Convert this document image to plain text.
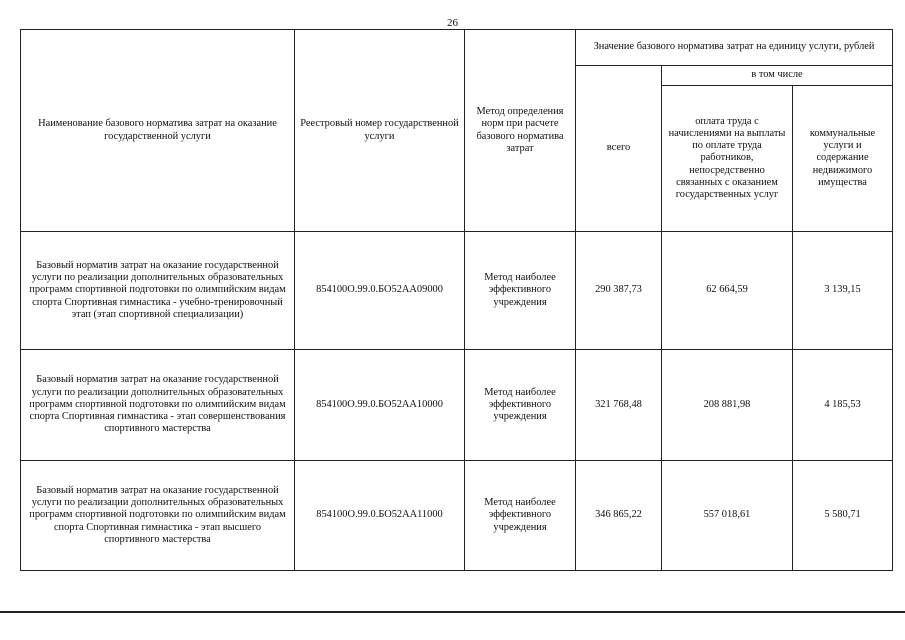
26
Наименование базового норматива затрат на оказание государственной услуги	Реестровый номер государственной услуги	Метод определения норм при расчете базового норматива затрат	Значение базового норматива затрат на единицу услуги, рублей		
			всего	в том числе	
				оплата труда с начислениями на выплаты по оплате труда работников, непосредственно связанных с оказанием государственных услуг	коммунальные услуги и содержание недвижимого имущества
Базовый норматив затрат на оказание государственной услуги по реализации дополнительных образовательных программ спортивной подготовки по олимпийским видам спорта Спортивная гимнастика - учебно-тренировочный этап (этап спортивной специализации)	854100О.99.0.БО52АА09000	Метод наиболее эффективного учреждения	290 387,73	62 664,59	3 139,15
Базовый норматив затрат на оказание государственной услуги по реализации дополнительных образовательных программ спортивной подготовки по олимпийским видам спорта Спортивная гимнастика - этап совершенствования спортивного мастерства	854100О.99.0.БО52АА10000	Метод наиболее эффективного учреждения	321 768,48	208 881,98	4 185,53
Базовый норматив затрат на оказание государственной услуги по реализации дополнительных образовательных программ спортивной подготовки по олимпийским видам спорта Спортивная гимнастика - этап высшего спортивного мастерства	854100О.99.0.БО52АА11000	Метод наиболее эффективного учреждения	346 865,22	557 018,61	5 580,71
